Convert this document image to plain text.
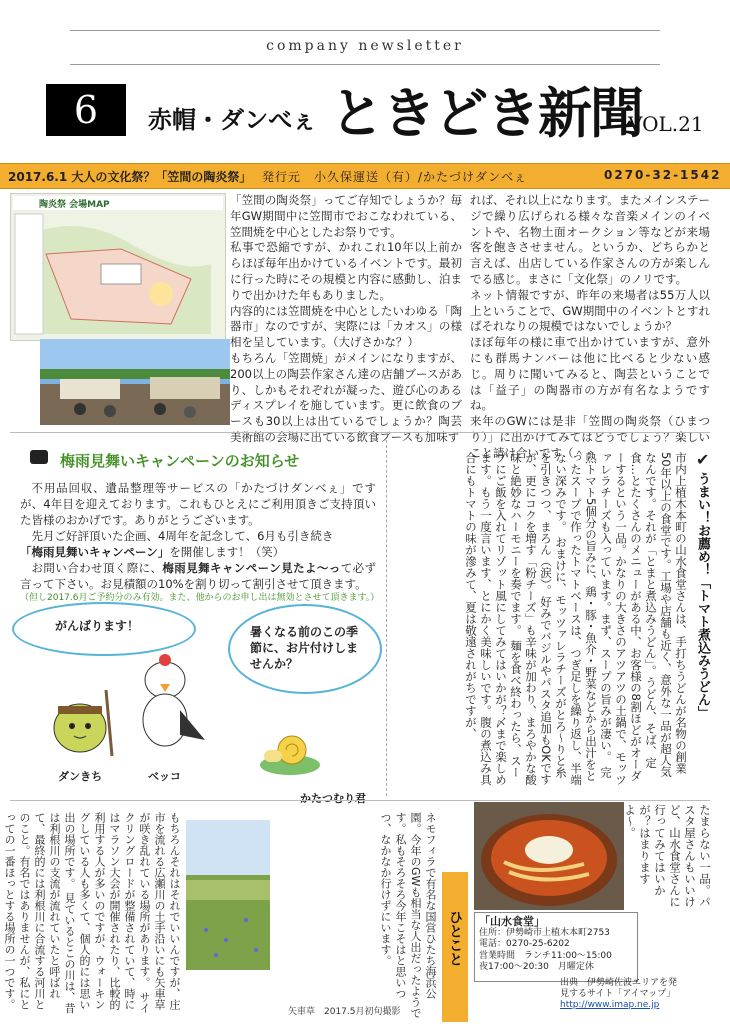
company newsletter
6	赤帽・ダンべぇ ときどき新聞
VOL.21
2017.6.1 大人の文化祭？「笠間の陶炎祭」 発行元　小久保運送（有）/かたづけダンべぇ	0270-32-1542
陶炎祭 会場MAP	「笠間の陶炎祭」ってご存知でしょうか？毎年GW期間中に笠間市でおこなわれている、笠間焼を中心としたお祭りです。

私事で恐縮ですが、かれこれ10年以上前からほぼ毎年出かけているイベントです。最初に行った時にその規模と内容に感動し、泊まりで出かけた年もありました。

内容的には笠間焼を中心としたいわゆる「陶器市」なのですが、実際には「カオス」の様相を呈しています。（大げさかな？）

もちろん「笠間焼」がメインになりますが、200以上の陶芸作家さん達の店舗ブースがあり、しかもそれぞれが凝った、遊び心のあるディスプレイを施しています。更に飲食のブースも30以上は出ているでしょうか？陶芸美術館の会場に出ている飲食ブースも加味す

れば、それ以上になります。またメインステージで繰り広げられる様々な音楽メインのイベントや、名物土面オークション等などが来場客を飽きさせません。というか、どちらかと言えば、出店している作家さんの方が楽しんでる感じ。まさに「文化祭」のノリです。

ネット情報ですが、昨年の来場者は55万人以上ということで、GW期間中のイベントとすればそれなりの規模ではないでしょうか？

ほぼ毎年の様に車で出かけていますが、意外にも群馬ナンバーは他に比べると少ない感じ。周りに聞いてみると、陶芸ということでは「益子」の陶器市の方が有名なようですね。

来年のGWには是非「笠間の陶炎祭（ひまつり）」に出かけてみてはどうでしょう？楽しいこと請け合いです（＾＾

梅雨見舞いキャンペーンのお知らせ

不用品回収、遺品整理等サービスの「かたづけダンべぇ」ですが、4年目を迎えております。これもひとえにご利用頂きご支持頂いた皆様のおかげです。ありがとうございます。

先月ご好評頂いた企画、4周年を記念して、6月も引き続き

「梅雨見舞いキャンペーン」を開催します！（笑）

お問い合わせ頂く際に、梅雨見舞キャンペーン見たよ〜って必ず言って下さい。お見積額の10%を割り切って割引させて頂きます。

（但し2017.6月ご予約分のみ有効。また、他からのお申し出は無効とさせて頂きます。）

がんばります！	暑くなる前のこの季節に、お片付けしませんか？
ダンきち	ベッコ
かたつむり君
✔
うまい！お薦め！「トマト煮込みうどん」
市内上植木本町の山水食堂さんは、手打ちうどんが名物の創業50年以上の食堂です。工場や店舗も近く、意外な一品が超人気なんです。それが「とまと煮込みうどん」。うどん、そば、定食…とたくさんのメニューがある中、お客様の8割ほどがオーダーするという一品。かなりの大きさのアツアツの土鍋で、モッツァレラチーズも入っています。まず、スープの旨みが凄い。 完熟トマト5個分の旨みに、鶏・豚・魚介・野菜などから出汁をとったスープで作ったトマトベースは、つぎ足しを繰り返し、半端ない深みです。 おまけに、モッツァレラチーズがとろ〜りと糸を引きつつ、まろん（涙）。好みでバジルやパスタ追加もOKですが、更にコクを増す「粉チーズ」も辛味が加わり、まろやかな酸味と絶妙なハーモニーを奏でます。 麺を食べ終わったら、スープにご飯を入れてリゾット風にしてみてはいかが？〆まで楽しめます。もう一度言います、とにかく美味しいです。腹の煮込み具合にもトマトの味が滲みて、夏は敬遠されがちですが、
たまらない一品。パスタ屋さんもいいけど、山水食堂さんに行ってみてはいかが？はまりますよ〜。
「山水食堂」
住所：伊勢崎市上植木本町2753
電話：0270-25-6202
営業時間　ランチ11:00〜15:00
夜17:00〜20:30　月曜定休
出典　伊勢崎佐波エリアを発
見するサイト「アイマップ」
http://www.imap.ne.jp
ひとこと
ネモフィラで有名な国営ひたち海浜公園。今年のGWも相当な人出だったようです。私もそろそろ今年こそはと思いつつ、なかなか行けずにいます。
もちろんそれはそれでいいんですが、庄市を流れる広瀬川の土手沿いにも矢車草が咲き乱れている場所があります。 サイクリングロードが整備されていて、時にはマラソン大会が開催されたり、比較的利用する人が多いのですが、ウォーキングしている人も多くて、個人的には思い出の場所です。 見ているとこの川は、昔は利根川の支流が流れていたと呼ばれて、最終的には利根川に合流する河川とのこと。有名ではありませんが、私にとっての一番ほっとする場所の一つです。
矢車草　2017.5月初旬撮影
